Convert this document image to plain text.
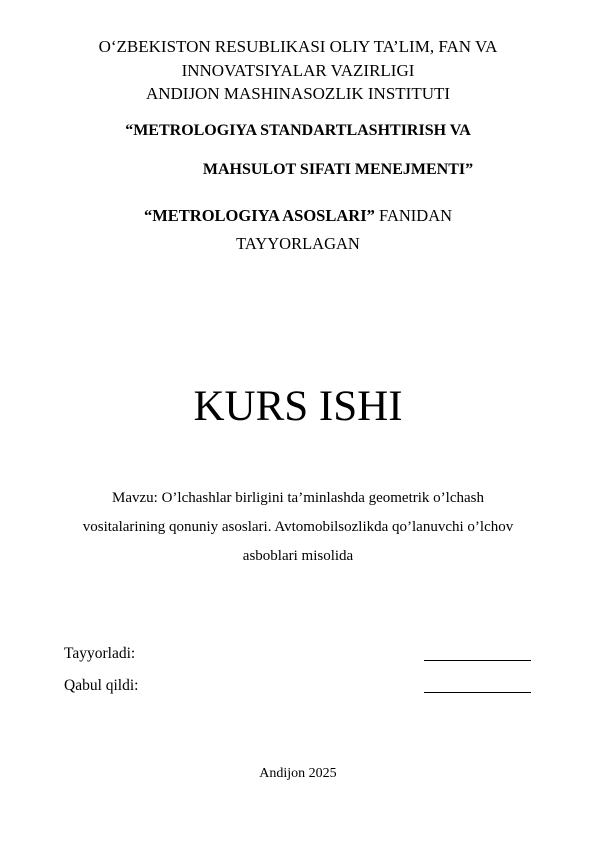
O‘ZBEKISTON RESUBLIKASI OLIY TA’LIM, FAN VA
INNOVATSIYALAR VAZIRLIGI
ANDIJON MASHINASOZLIK INSTITUTI
“METROLOGIYA STANDARTLASHTIRISH VA
MAHSULOT SIFATI MENEJMENTI”
“METROLOGIYA ASOSLARI” FANIDAN
TAYYORLAGAN
KURS ISHI
Mavzu: O’lchashlar birligini ta’minlashda geometrik o’lchash
vositalarining qonuniy asoslari. Avtomobilsozlikda qo’lanuvchi o’lchov
asboblari misolida
Tayyorladi:
Qabul qildi:
Andijon 2025
